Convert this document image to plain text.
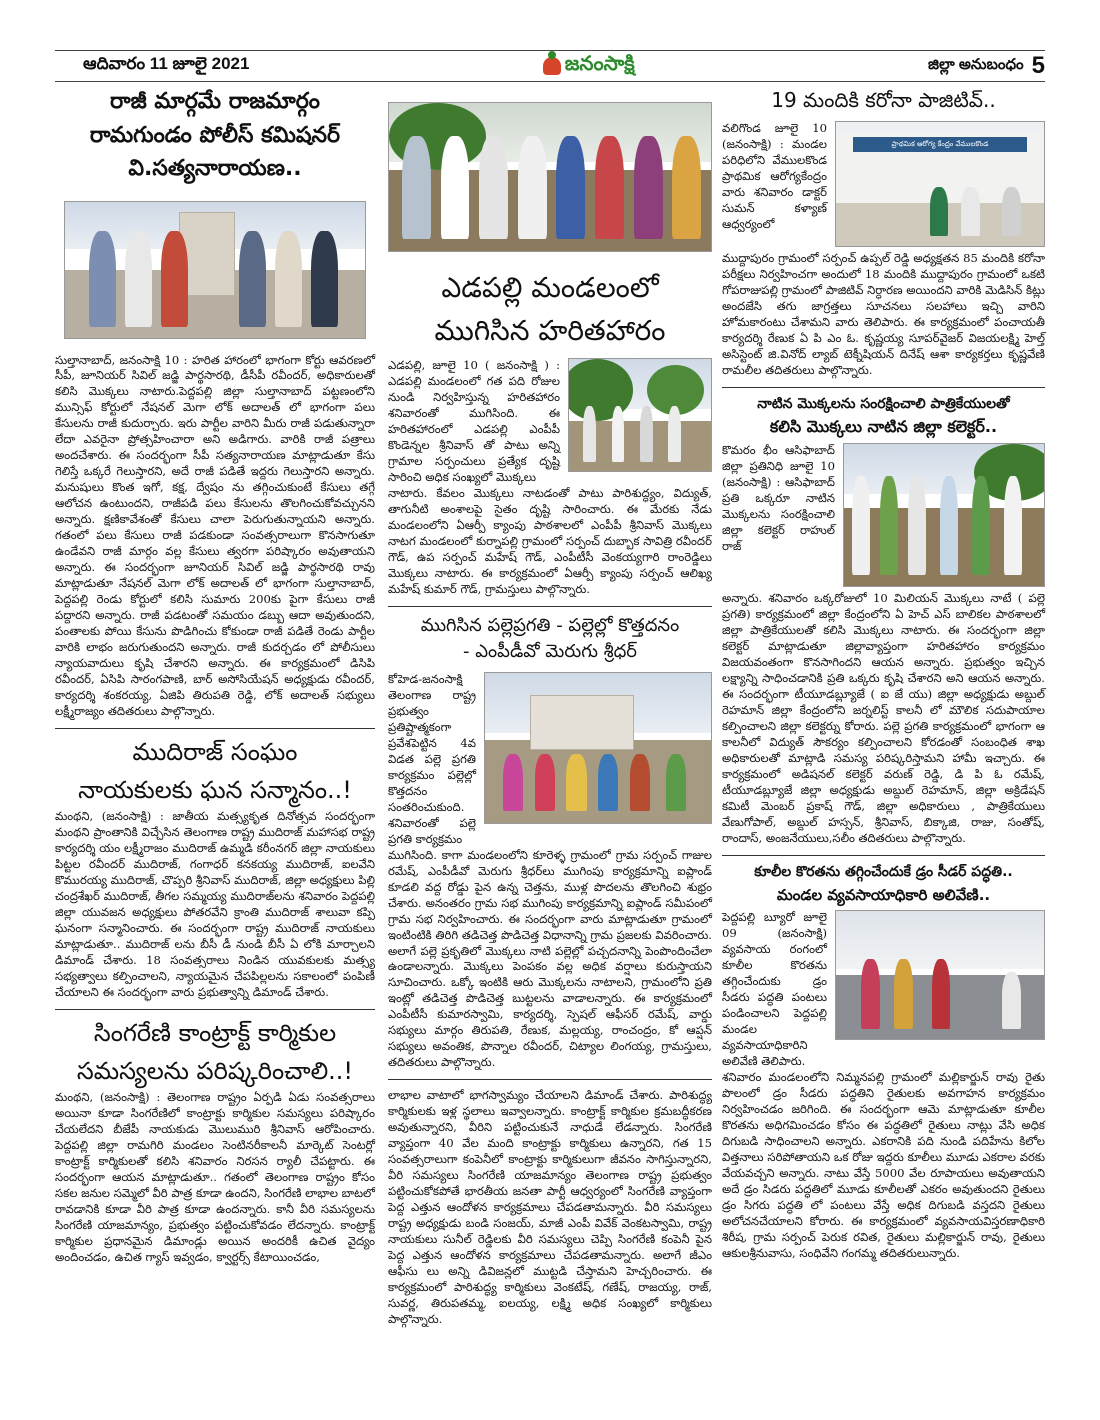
ఆదివారం 11 జూలై 2021	జనంసాక్షి	జిల్లా అనుబంధం 5

రాజీ మార్గమే రాజమార్గం

రామగుండం పోలీస్ కమిషనర్

వి.సత్యనారాయణ..

సుల్తానాబాద్, జనంసాక్షి 10 : హరిత హారంలో భాగంగా కోర్టు ఆవరణలో సీపీ, జూనియర్ సివిల్ జడ్జి పార్థసారథి, డీసీపీ రవీందర్, అధికారులతో కలిసి మొక్కలు నాటారు.పెద్దపల్లి జిల్లా సుల్తానాబాద్ పట్టణంలోని మున్సిఫ్ కోర్టులో నేషనల్ మెగా లోక్ అదాలత్ లో భాగంగా పలు కేసులను రాజీ కుదుర్చారు. ఇరు పార్టీల వారిని మీరు రాజీ పడుతున్నారా లేదా ఎవరైనా ప్రోత్సహించారా అని అడిగారు. వారికి రాజీ పత్రాలు అందచేశారు. ఈ సందర్భంగా సీపీ సత్యనారాయణ మాట్లాడుతూ కేసు గెలిస్తే ఒక్కరే గెలుస్తారని, అదే రాజీ పడితే ఇద్దరు గెలుస్తారని అన్నారు. మనుషులు కొంత ఇగో, కక్ష, ద్వేషం ను తగ్గించుకుంటే కేసులు తగ్గే ఆలోచన ఉంటుందని, రాజీపడి పలు కేసులను తొలగించుకోవచ్చునని అన్నారు. క్షణికావేశంతో కేసులు చాలా పెరుగుతున్నాయని అన్నారు. గతంలో పలు కేసులు రాజీ పడకుండా సంవత్సరాలుగా కొనసాగుతూ ఉండేవని రాజీ మార్గం వల్ల కేసులు త్వరగా పరిష్కారం అవుతాయని అన్నారు. ఈ సందర్భంగా జూనియర్ సివిల్ జడ్జి పార్థసారథి రావు మాట్లాడుతూ నేషనల్ మెగా లోక్ అదాలత్ లో భాగంగా సుల్తానాబాద్, పెద్దపల్లి రెండు కోర్టులో కలిసి సుమారు 200కు పైగా కేసులు రాజీ పద్దారని అన్నారు. రాజీ పడటంతో సమయం డబ్బు ఆదా అవుతుందని, పంతాలకు పోయి కేసును పొడిగించు కోకుండా రాజీ పడితే రెండు పార్టీల వారికి లాభం జరుగుతుందని అన్నారు. రాజీ కుదర్చడం లో పోలీసులు న్యాయవాదులు కృషి చేశారని అన్నారు. ఈ కార్యక్రమంలో డిసిపి రవీందర్, ఏసిపి సారంగపాణి, బార్ అసోసియేషన్ అధ్యక్షుడు రవీందర్, కార్యదర్శి శంకరయ్య, ఏజిపి తిరుపతి రెడ్డి, లోక్ అదాలత్ సభ్యులు లక్ష్మీరాజ్యం తదితరులు పాల్గొన్నారు.

ముదిరాజ్ సంఘం

నాయకులకు ఘన సన్మానం..!

మంథని, (జనంసాక్షి) : జాతీయ మత్స్యకృత దినోత్సవ సందర్భంగా మంథని ప్రాంతానికి విచ్చేసిన తెలంగాణ రాష్ట్ర ముదిరాజ్ మహాసభ రాష్ట్ర కార్యదర్శి యం లక్ష్మీరాజం ముదిరాజ్ ఉమ్మడి కరీంనగర్ జిల్లా నాయకులు పిట్టల రవీందర్ ముదిరాజ్, గంగాధర్ కనకయ్య ముదిరాజ్, ఐలవేని కొమురయ్య ముదిరాజ్, చొప్పరి శ్రీనివాస్ ముదిరాజ్, జిల్లా అధ్యక్షులు పిల్లి చంద్రశేఖర్ ముదిరాజ్, తీగల సమ్మయ్య ముదిరాజ్‌లను శనివారం పెద్దపల్లి జిల్లా యువజన అధ్యక్షులు పోతరవేని క్రాంతి ముదిరాజ్ శాలువా కప్పి ఘనంగా సన్మానించారు. ఈ సందర్భంగా రాష్ట్ర ముదిరాజ్ నాయకులు మాట్లాడుతూ.. ముదిరాజ్ లను బీసీ డీ నుండి బీసీ ఏ లోకి మార్చాలని డిమాండ్ చేశారు. 18 సంవత్సరాలు నిండిన యువకులకు మత్స్య సభ్యత్వాలు కల్పించాలని, న్యాయమైన చేపపిల్లలను సకాలంలో పంపిణీ చేయాలని ఈ సందర్భంగా వారు ప్రభుత్వాన్ని డిమాండ్ చేశారు.

సింగరేణి కాంట్రాక్ట్ కార్మికుల

సమస్యలను పరిష్కరించాలి..!

మంథని, (జనంసాక్షి) : తెలంగాణ రాష్ట్రం ఏర్పడి ఏడు సంవత్సరాలు అయినా కూడా సింగరేణిలో కాంట్రాక్టు కార్మికుల సమస్యలు పరిష్కారం చేయలేదని బీజేపీ నాయకుడు మొలుమురి శ్రీనివాస్ ఆరోపించారు. పెద్దపల్లి జిల్లా రామగిరి మండలం సెంటినరీకాలనీ మార్కెట్ సెంటర్లో కాంట్రాక్ట్ కార్మికులతో కలిసి శనివారం నిరసన ర్యాలీ చేపట్టారు. ఈ సందర్భంగా ఆయన మాట్లాడుతూ.. గతంలో తెలంగాణ రాష్ట్రం కోసం సకల జనుల సమ్మెలో వీరి పాత్ర కూడా ఉందని, సింగరేణి లాభాల బాటలో రావడానికి కూడా వీరి పాత్ర కూడా ఉందన్నారు. కానీ వీరి సమస్యలను సింగరేణి యాజమాన్యం, ప్రభుత్వం పట్టించుకోవడం లేదన్నారు. కాంట్రాక్ట్ కార్మికుల ప్రధానమైన డిమాండ్లు అయిన అందరికీ ఉచిత వైద్యం అందించడం, ఉచిత గ్యాస్ ఇవ్వడం, క్వార్టర్స్ కేటాయించడం,

ఎడపల్లి మండలంలో

ముగిసిన హరితహారం

ఎడపల్లి, జూలై 10 ( జనంసాక్షి ) : ఎడపల్లి మండలంలో గత పది రోజుల నుండి నిర్వహిస్తున్న హరితహారం శనివారంతో ముగిసింది. ఈ హరితహారంలో ఎడపల్లి ఎంపీపీ కొండెన్నల శ్రీనివాస్ తో పాటు అన్ని గ్రామాల సర్పంచులు ప్రత్యేక దృష్టి సారించి అధిక సంఖ్యలో మొక్కలు

నాటారు. కేవలం మొక్కలు నాటడంతో పాటు పారిశుద్ధ్యం, విద్యుత్, తాగునీటి అంశాలపై సైతం దృష్టి సారించారు. ఈ మేరకు నేడు మండలంలోని ఏఆర్పీ క్యాంపు పాఠశాలలో ఎంపీపీ శ్రీనివాస్ మొక్కలు నాటగ మండలంలో కుర్నాపల్లి గ్రామంలో సర్పంచ్ దుబ్బాక సావిత్రి రవీందర్ గౌడ్, ఉప సర్పంచ్ మహేష్ గౌడ్, ఎంపీటీసీ వెంకయ్యగారి రాంరెడ్డిలు మొక్కలు నాటారు. ఈ కార్యక్రమంలో ఏఆర్పీ క్యాంపు సర్పంచ్ ఆలిఖ్య మహేష్ కుమార్ గౌడ్, గ్రామస్తులు పాల్గొన్నారు.

ముగిసిన పల్లెప్రగతి - పల్లెల్లో కొత్తదనం

- ఎంపీడీవో మెరుగు శ్రీధర్

కోహెడ-జనంసాక్షి తెలంగాణ రాష్ట్ర ప్రభుత్వం ప్రతిష్టాత్మకంగా ప్రవేశపెట్టిన 4వ విడత పల్లె ప్రగతి కార్యక్రమం పల్లెల్లో కొత్తదనం సంతరించుకుంది. శనివారంతో పల్లె ప్రగతి కార్యక్రమం

ముగిసింది. కాగా మండలంలోని కూరెళ్ళ గ్రామంలో గ్రామ సర్పంచ్ గాజుల రమేష్, ఎంపీడీవో మెరుగు శ్రీధర్‌లు ముగింపు కార్యక్రమాన్ని ఐప్లాండ్ కూడలి వద్ద రోడ్డు పైన ఉన్న చెత్తను, ముళ్ల పొదలను తొలగించి శుభ్రం చేశారు. అనంతరం గ్రామ సభ ముగింపు కార్యక్రమాన్ని ఐప్లాండ్ సమీపంలో గ్రామ సభ నిర్వహించారు. ఈ సందర్భంగా వారు మాట్లాడుతూ గ్రామంలో ఇంటింటికి తిరిగి తడిచెత్త పొడిచెత్త విధానాన్ని గ్రామ ప్రజలకు వివరించారు. అలాగే పల్లె ప్రకృతిలో మొక్కలు నాటి పల్లెల్లో పచ్చదనాన్ని పెంపొందించేలా ఉండాలన్నారు. మొక్కలు పెంపకం వల్ల అధిక వర్షాలు కురుస్తాయని సూచించారు. ఒక్కో ఇంటికి ఆరు మొక్కలను నాటాలని, గ్రామంలోని ప్రతి ఇంట్లో తడిచెత్త పొడిచెత్త బుట్టలను వాడాలన్నారు. ఈ కార్యక్రమంలో ఎంపీటీసీ కుమారస్వామి, కార్యదర్శి, స్పెషల్ ఆఫీసర్ రమేష్, వార్డు సభ్యులు మార్గం తిరుపతి, రేణుక, మల్లయ్య, రాంచంద్రం, కో ఆప్షన్ సభ్యులు అవంతిక, పొన్నాల రవీందర్, చిట్యాల లింగయ్య, గ్రామస్తులు, తదితరులు పాల్గొన్నారు.

లాభాల వాటాలో భాగస్వామ్యం చేయాలని డిమాండ్ చేశారు. పారిశుద్ధ్య కార్మికులకు ఇళ్ల స్థలాలు ఇవ్వాలన్నారు. కాంట్రాక్ట్ కార్మికుల క్రమబద్ధీకరణ అవుతున్నారని, వీరిని పట్టించుకునే నాధుడే లేడన్నారు. సింగరేణి వ్యాప్తంగా 40 వేల మంది కాంట్రాక్టు కార్మికులు ఉన్నారని, గత 15 సంవత్సరాలుగా కంపెనీలో కాంట్రాక్టు కార్మికులుగా జీవనం సాగిస్తున్నారని, వీరి సమస్యలు సింగరేణి యాజమాన్యం తెలంగాణ రాష్ట్ర ప్రభుత్వం పట్టించుకోకపోతే భారతీయ జనతా పార్టీ ఆధ్వర్యంలో సింగరేణి వ్యాప్తంగా పెద్ద ఎత్తున ఆందోళన కార్యక్రమాలు చేపడతామన్నారు. వీరి సమస్యలు రాష్ట్ర అధ్యక్షుడు బండి సంజయ్, మాజీ ఎంపీ వివేక్ వెంకటస్వామి, రాష్ట్ర నాయకులు సునీల్ రెడ్డిలకు వీరి సమస్యలు చెప్పి సింగరేణి కంపెనీ పైన పెద్ద ఎత్తున ఆందోళన కార్యక్రమాలు చేపడతామన్నారు. అలాగే జీఎం ఆఫీసు లు అన్ని డివిజన్లలో ముట్టడి చేస్తామని హెచ్చరించారు. ఈ కార్యక్రమంలో పారిశుద్ధ్య కార్మికులు వెంకటేష్, గణేష్, రాజయ్య, రాజ్, సువర్ణ, తిరుపతమ్మ, ఐలయ్య, లక్ష్మి అధిక సంఖ్యలో కార్మికులు పాల్గొన్నారు.

19 మందికి కరోనా పాజిటివ్..

ప్రాథమిక ఆరోగ్య కేంద్రం వేములకొండ

వలిగొండ జూలై 10 (జనంసాక్షి) : మండల పరిధిలోని వేములకొండ ప్రాథమిక ఆరోగ్యకేంద్రం వారు శనివారం డాక్టర్ సుమన్ కళ్యాణ్ ఆధ్వర్యంలో

ముద్దాపురం గ్రామంలో సర్పంచ్ ఉప్పల్ రెడ్డి అధ్యక్షతన 85 మందికి కరోనా పరీక్షలు నిర్వహించగా అందులో 18 మందికి ముద్దాపురం గ్రామంలో ఒకటి గోపరాజుపల్లి గ్రామంలో పాజిటివ్ నిర్ధారణ అయిందని వారికి మెడిసిన్ కిట్లు అందజేసి తగు జాగ్రత్తలు సూచనలు సలహాలు ఇచ్చి వారిని హోమకారంటు చేశామని వారు తెలిపారు. ఈ కార్యక్రమంలో పంచాయతీ కార్యదర్శి రేణుక ఏ పి ఎం ఓ. కృష్ణయ్య సూపర్‌వైజర్ విజయలక్ష్మి హెల్త్ అసిస్టెంట్ జి.వినోద్ ల్యాబ్ టెక్నీషియన్ దినేష్ ఆశా కార్యకర్తలు కృష్ణవేణి రామలీల తదితరులు పాల్గొన్నారు.

నాటిన మొక్కలను సంరక్షించాలి పాత్రికేయులతో

కలిసి మొక్కలు నాటిన జిల్లా కలెక్టర్..

కొమరం భీం ఆసిఫాబాద్ జిల్లా ప్రతినిధి జూలై 10 (జనంసాక్షి) : ఆసిఫాబాద్ ప్రతి ఒక్కరూ నాటిన మొక్కలను సంరక్షించాలి జిల్లా కలెక్టర్ రాహుల్ రాజ్

అన్నారు. శనివారం ఒక్కరోజులో 10 మిలియన్ మొక్కలు నాటే ( పల్లె ప్రగతి) కార్యక్రమంలో జిల్లా కేంద్రంలోని ఏ హెచ్ ఎస్ బాలికల పాఠశాలలో జిల్లా పాత్రికేయులతో కలిసి మొక్కలు నాటారు. ఈ సందర్భంగా జిల్లా కలెక్టర్ మాట్లాడుతూ జిల్లావ్యాప్తంగా హరితహారం కార్యక్రమం విజయవంతంగా కొనసాగిందని ఆయన అన్నారు. ప్రభుత్వం ఇచ్చిన లక్ష్యాన్ని సాధించడానికి ప్రతి ఒక్కరు కృషి చేశారని అని ఆయన అన్నారు. ఈ సందర్భంగా టీయూడబ్ల్యూజే ( ఐ జే యు) జిల్లా అధ్యక్షుడు అబ్దుల్ రెహమాన్ జిల్లా కేంద్రంలోని జర్నలిస్ట్ కాలనీ లో మౌలిక సదుపాయాల కల్పించాలని జిల్లా కలెక్టర్ను కోరారు. పల్లె ప్రగతి కార్యక్రమంలో భాగంగా ఆ కాలనీలో విద్యుత్ సౌకర్యం కల్పించాలని కోరడంతో సంబంధిత శాఖ అధికారులతో మాట్లాడి సమస్య పరిష్కరిస్తామని హామీ ఇచ్చారు. ఈ కార్యక్రమంలో అడిషనల్ కలెక్టర్ వరుణ్ రెడ్డి, డి పి ఓ రమేష్, టీయూడబ్ల్యూజే జిల్లా అధ్యక్షుడు అబ్దుల్ రెహమాన్, జిల్లా అక్రిడేషన్ కమిటీ మెంబర్ ప్రకాష్ గౌడ్, జిల్లా అధికారులు , పాత్రికేయులు వేణుగోపాల్, అబ్దుల్ హస్సన్, శ్రీనివాస్, బిక్కాజి, రాజు, సంతోష్, రాందాస్, అంజనేయులు,సలీం తదితరులు పాల్గొన్నారు.

కూలీల కొరతను తగ్గించేందుకే డ్రం సీడర్ పద్ధతి..

మండల వ్యవసాయాధికారి అలివేణి..

పెద్దపల్లి బ్యూరో జూలై 09 (జనంసాక్షి) వ్యవసాయ రంగంలో కూలీల కొరతను తగ్గించేందుకు డ్రం సీడరు పద్ధతి పంటలు పండించాలని పెద్దపల్లి మండల వ్యవసాయాధికారిని అలివేణి తెలిపారు.

శనివారం మండలంలోని నిమ్మనపల్లి గ్రామంలో మల్లికార్జున్ రావు రైతు పొలంలో డ్రం సీడరు పద్ధతిని రైతులకు అవగాహన కార్యక్రమం నిర్వహించడం జరిగింది. ఈ సందర్భంగా ఆమె మాట్లాడుతూ కూలీల కొరతను అధిగమించడం కోసం ఈ పద్ధతిలో రైతులు నాట్లు వేసి అధిక దిగుబడి సాధించాలని అన్నారు. ఎకరానికి పది నుండి పదిహేను కిలోల విత్తనాలు సరిపోతాయని ఒక రోజు ఇద్దరు కూలీలు మూడు ఎకరాల వరకు వేయవచ్చని అన్నారు. నాటు వేస్తే 5000 వేల రూపాయలు అవుతాయని అదే డ్రం సిడరు పద్ధతిలో మూడు కూలీలతో ఎకరం అవుతుందని రైతులు డ్రం సిగరు పద్ధతి లో పంటలు వేస్తే అధిక దిగుబడి వస్తదని రైతులు అలోచనచేయాలని కోరారు. ఈ కార్యక్రమంలో వ్యవసాయవిస్తరణాధికారి శిరీష, గ్రామ సర్పంచ్ పెరుక రవిత, రైతులు మల్లికార్జున్ రావు, రైతులు ఆకులశ్రీనువాసు, సంధివేని గంగమ్మ తదితరులున్నారు.
